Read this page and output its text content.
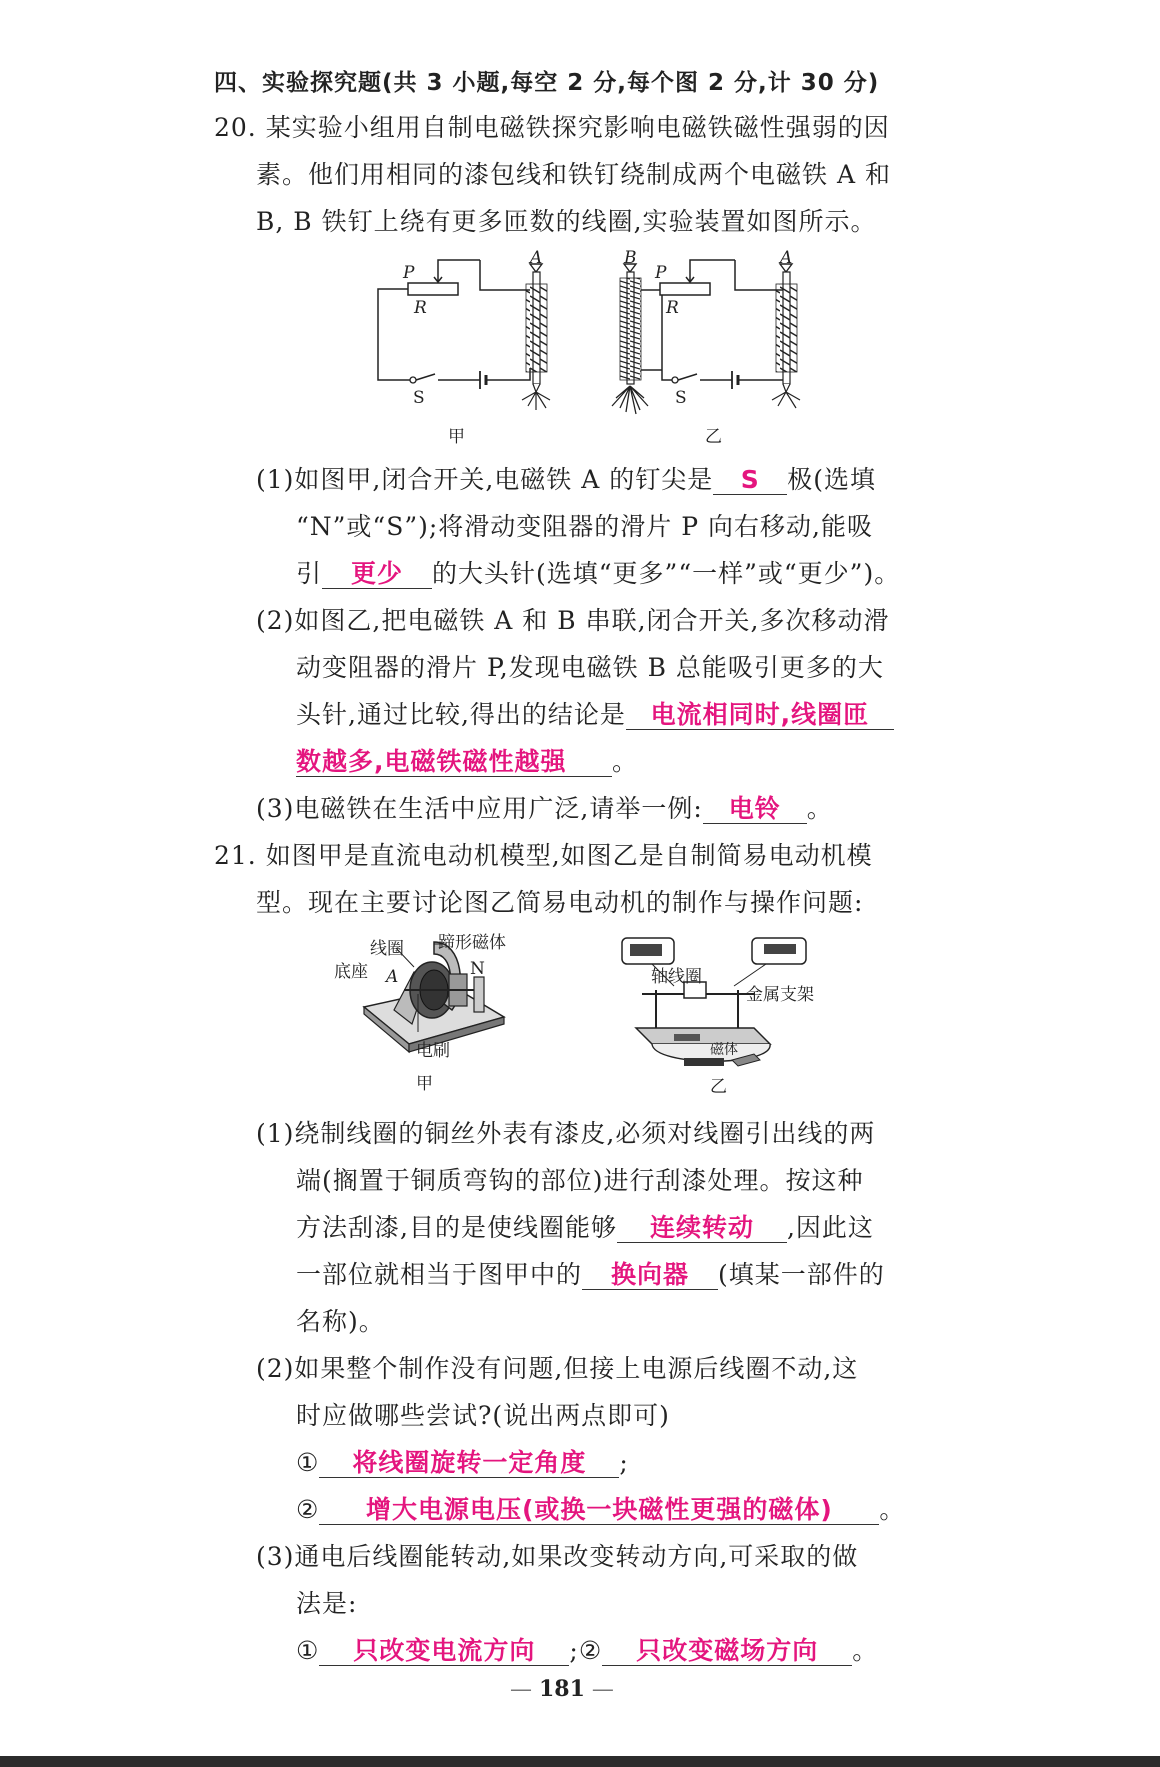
四、实验探究题(共 3 小题,每空 2 分,每个图 2 分,计 30 分)
20. 某实验小组用自制电磁铁探究影响电磁铁磁性强弱的因
素。他们用相同的漆包线和铁钉绕制成两个电磁铁 A 和
B, B 铁钉上绕有更多匝数的线圈,实验装置如图所示。
P
R
S
A
甲
B
P
R
S
A
乙
(1)如图甲,闭合开关,电磁铁 A 的钉尖是 S 极(选填
“N”或“S”);将滑动变阻器的滑片 P 向右移动,能吸
引 更少 的大头针(选填“更多”“一样”或“更少”)。
(2)如图乙,把电磁铁 A 和 B 串联,闭合开关,多次移动滑
动变阻器的滑片 P,发现电磁铁 B 总能吸引更多的大
头针,通过比较,得出的结论是 电流相同时,线圈匝
数越多,电磁铁磁性越强 。
(3)电磁铁在生活中应用广泛,请举一例: 电铃 。
21. 如图甲是直流电动机模型,如图乙是自制简易电动机模
型。现在主要讨论图乙简易电动机的制作与操作问题:
线圈 蹄形磁体
底座 A	N
电刷
甲
轴线圈
金属支架
磁体
乙
(1)绕制线圈的铜丝外表有漆皮,必须对线圈引出线的两
端(搁置于铜质弯钩的部位)进行刮漆处理。按这种
方法刮漆,目的是使线圈能够 连续转动 ,因此这
一部位就相当于图甲中的 换向器 (填某一部件的
名称)。
(2)如果整个制作没有问题,但接上电源后线圈不动,这
时应做哪些尝试?(说出两点即可)
① 将线圈旋转一定角度 ;
② 增大电源电压(或换一块磁性更强的磁体) 。
(3)通电后线圈能转动,如果改变转动方向,可采取的做
法是:
① 只改变电流方向 ;② 只改变磁场方向 。
— 181 —
